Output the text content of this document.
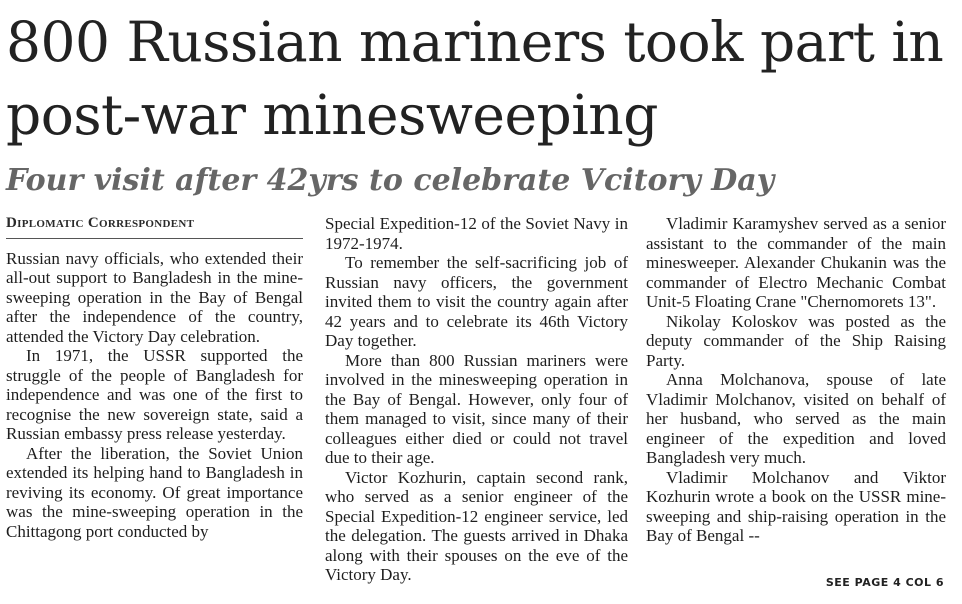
800 Russian mariners took part in post-war minesweeping
Four visit after 42yrs to celebrate Vcitory Day
Diplomatic Correspondent

Russian navy officials, who extended their all-out support to Bangladesh in the mine-sweeping operation in the Bay of Bengal after the independence of the country, attended the Victory Day celebration.

In 1971, the USSR supported the struggle of the people of Bangladesh for independence and was one of the first to recognise the new sovereign state, said a Russian embassy press release yesterday.

After the liberation, the Soviet Union extended its helping hand to Bangladesh in reviving its economy. Of great importance was the mine-sweeping operation in the Chittagong port conducted by

Special Expedition-12 of the Soviet Navy in 1972-1974.

To remember the self-sacrificing job of Russian navy officers, the government invited them to visit the country again after 42 years and to celebrate its 46th Victory Day together.

More than 800 Russian mariners were involved in the minesweeping operation in the Bay of Bengal. However, only four of them managed to visit, since many of their colleagues either died or could not travel due to their age.

Victor Kozhurin, captain second rank, who served as a senior engineer of the Special Expedition-12 engineer service, led the delegation. The guests arrived in Dhaka along with their spouses on the eve of the Victory Day.

Vladimir Karamyshev served as a senior assistant to the commander of the main minesweeper. Alexander Chukanin was the commander of Electro Mechanic Combat Unit-5 Floating Crane "Chernomorets 13".

Nikolay Koloskov was posted as the deputy commander of the Ship Raising Party.

Anna Molchanova, spouse of late Vladimir Molchanov, visited on behalf of her husband, who served as the main engineer of the expedition and loved Bangladesh very much.

Vladimir Molchanov and Viktor Kozhurin wrote a book on the USSR mine-sweeping and ship-raising operation in the Bay of Bengal --

SEE PAGE 4 COL 6
